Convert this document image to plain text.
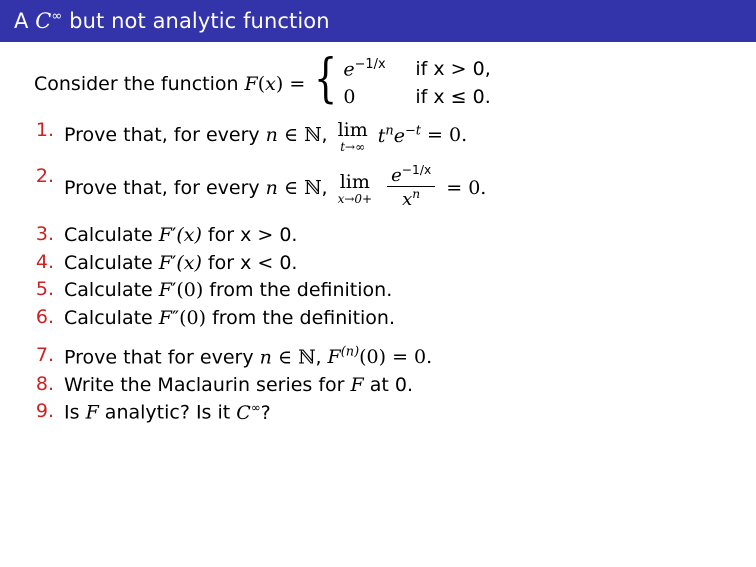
A C∞ but not analytic function
Consider the function F(x) = { $e^{-1/x}$	if x > 0,
0	if x ≤ 0.
1. Prove that, for every n ∈ ℕ, lim
t→∞
$t^ne^{-t} = 0$.
2.
Prove that, for every n ∈ ℕ, lim
x→0+
$\frac{e^{-1/x}}{x^n} = 0$.
3. Calculate F′(x) for x > 0.
4. Calculate F′(x) for x < 0.
5. Calculate F′(0) from the definition.
6. Calculate F″(0) from the definition.
7. Prove that for every n ∈ ℕ, $F^{(n)}(0) = 0$.
8. Write the Maclaurin series for F at 0.
9. Is F analytic? Is it C∞?
